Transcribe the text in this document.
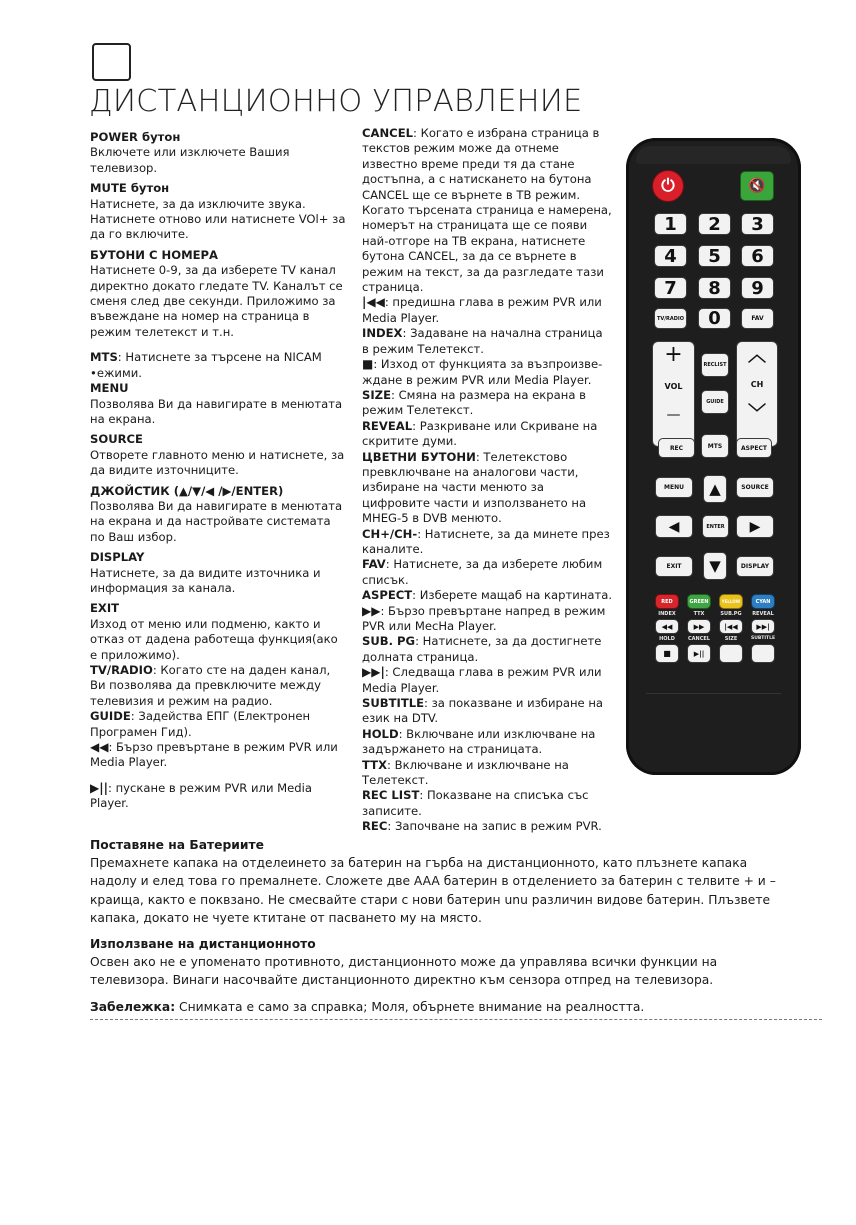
ДИСТАНЦИОННО УПРАВЛЕНИЕ

POWER бутон

Включете или изключете Вашия телевизор.

MUTE бутон

Натиснете, за да изключите звука. Натиснете отново или натиснете VOl+ за да го включите.

БУТОНИ С НОМЕРА

Натиснете 0-9, за да изберете TV канал директно докато гледате TV. Каналът се сменя след две секунди. Приложимо за въвеждане на номер на страница в режим телетекст и т.н.

MTS: Натиснете за търсене на NICAM •ежими.

MENU

Позволява Ви да навигирате в менютата на екрана.

SOURCE

Отворете главното меню и натиснете, за да видите източниците.

ДЖОЙСТИК (▲/▼/◀ /▶/ENTER)

Позволява Ви да навигирате в менютата на екрана и да настройвате системата по Ваш избор.

DISPLAY

Натиснете, за да видите източника и информация за канала.

EXIT

Изход от меню или подменю, както и отказ от дадена работеща функция(ако е приложимо).

TV/RADIO: Когато сте на даден канал, Ви позволява да превключите между телевизия и режим на радио.

GUIDE: Задейства ЕПГ (Електронен Програмен Гид).

◀◀: Бързо превъртане в режим PVR или Media Player.

▶||: пускане в режим PVR или Media Player.

CANCEL: Когато е избрана страница в текстов режим може да отнеме известно време преди тя да стане достъпна, а с натискането на бутона CANCEL ще се върнете в ТВ режим. Когато търсената страница е намерена, номерът на страницата ще се появи най-отгоре на ТВ екрана, натиснете бутона CANCEL, за да се върнете в режим на текст, за да разгледате тази страница.

|◀◀: предишна глава в режим PVR или Media Player.

INDEX: Задаване на начална страница в режим Телетекст.

■: Изход от функцията за възпроизве-ждане в режим PVR или Media Player.

SIZE: Смяна на размера на екрана в режим Телетекст.

REVEAL: Разкриване или Скриване на скритите думи.

ЦВЕТНИ БУТОНИ: Телетекстово превключване на аналогови части, избиране на части менюто за цифровите части и използването на MHEG-5 в DVB менюто.

CH+/CH-: Натиснете, за да минете през каналите.

FAV: Натиснете, за да изберете любим списък.

ASPECT: Изберете мащаб на картината.

▶▶: Бързо превъртане напред в режим PVR или MecHa Player.

SUB. PG: Натиснете, за да достигнете долната страница.

▶▶|: Следваща глава в режим PVR или Media Player.

SUBTITLE: за показване и избиране на език на DTV.

HOLD: Включване или изключване на задържането на страницата.

TTX: Включване и изключване на Телетекст.

REC LIST: Показване на списъка със записите.

REC: Започване на запис в режим PVR.

⏻	🔇
1	2	3
4	5	6
7	8	9
TV/RADIO	0	FAV
+
VOL
—
︿
CH
﹀
RECLIST
GUIDE
REC	MTS	ASPECT
MENU	▲	SOURCE
◀	ENTER	▶
EXIT	▼	DISPLAY
RED	GREEN	YELLOW	CYAN
INDEX	TTX	SUB.PG	REVEAL
◀◀	▶▶	|◀◀	▶▶|
HOLD	CANCEL	SIZE	SUBTITLE
■	▶||

Поставяне на Батериите

Премахнете капака на отделеинето за батерин на гърба на дистанционното, като плъзнете капака надолу и елед това го премалнете. Сложете две AAA батерин в отделението за батерин с телвите + и – краища, както е поквзано. Не смесвайте стари с нови батерин unu различин видове батерин. Плъзвете капака, докато не чуете ктитане от пасването му на място.

Използване на дистанционното

Освен ако не е упоменато противното, дистанционното може да управлява всички функции на телевизора. Винаги насочвайте дистанционното директно към сензора отпред на телевизора.

Забележка: Снимката е само за справка; Моля, обърнете внимание на реалността.
